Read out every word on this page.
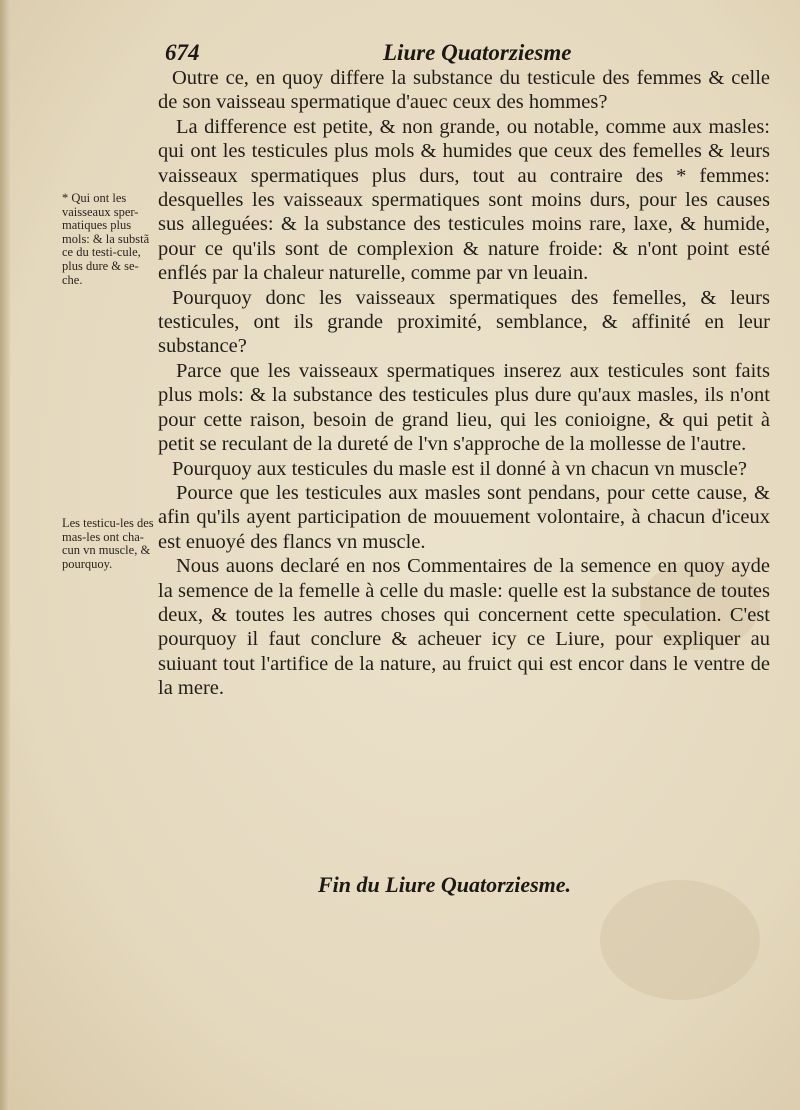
674	Liure Quatorziesme
* Qui ont les vaisseaux sper-matiques plus mols: & la substã ce du testi-cule, plus dure & se-che.
Les testicu-les des mas-les ont cha-cun vn muscle, & pourquoy.

Outre ce, en quoy differe la substance du testicule des femmes & celle de son vaisseau spermatique d'auec ceux des hommes?

La difference est petite, & non grande, ou notable, comme aux masles: qui ont les testicules plus mols & humides que ceux des femelles & leurs vaisseaux spermatiques plus durs, tout au contraire des * femmes: desquelles les vaisseaux spermatiques sont moins durs, pour les causes sus alleguées: & la substance des testicules moins rare, laxe, & humide, pour ce qu'ils sont de complexion & nature froide: & n'ont point esté enflés par la chaleur naturelle, comme par vn leuain.

Pourquoy donc les vaisseaux spermatiques des femelles, & leurs testicules, ont ils grande proximité, semblance, & affinité en leur substance?

Parce que les vaisseaux spermatiques inserez aux testicules sont faits plus mols: & la substance des testicules plus dure qu'aux masles, ils n'ont pour cette raison, besoin de grand lieu, qui les conioigne, & qui petit à petit se reculant de la dureté de l'vn s'approche de la mollesse de l'autre.

Pourquoy aux testicules du masle est il donné à vn chacun vn muscle?

Pource que les testicules aux masles sont pendans, pour cette cause, & afin qu'ils ayent participation de mouuement volontaire, à chacun d'iceux est enuoyé des flancs vn muscle.

Nous auons declaré en nos Commentaires de la semence en quoy ayde la semence de la femelle à celle du masle: quelle est la substance de toutes deux, & toutes les autres choses qui concernent cette speculation. C'est pourquoy il faut conclure & acheuer icy ce Liure, pour expliquer au suiuant tout l'artifice de la nature, au fruict qui est encor dans le ventre de la mere.

Fin du Liure Quatorziesme.
